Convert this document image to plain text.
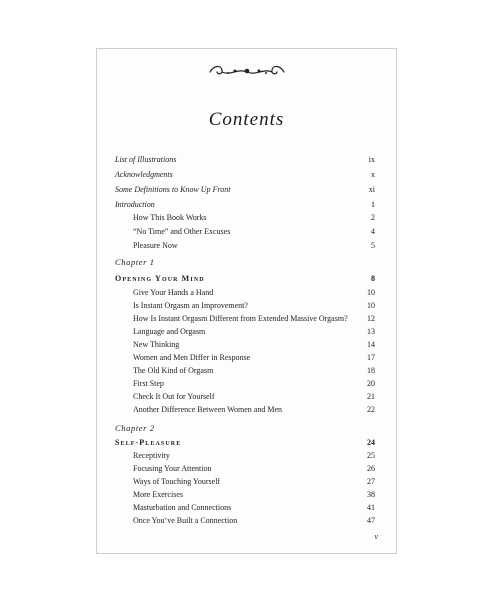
Contents
List of Illustrations	ix
Acknowledgments	x
Some Definitions to Know Up Front	xi
Introduction	1
How This Book Works	2
“No Time” and Other Excuses	4
Pleasure Now	5
Chapter 1
Opening Your Mind	8
Give Your Hands a Hand	10
Is Instant Orgasm an Improvement?	10
How Is Instant Orgasm Different from Extended Massive Orgasm? 12
Language and Orgasm	13
New Thinking	14
Women and Men Differ in Response	17
The Old Kind of Orgasm	18
First Step	20
Check It Out for Yourself	21
Another Difference Between Women and Men	22
Chapter 2
Self-Pleasure	24
Receptivity	25
Focusing Your Attention	26
Ways of Touching Yourself	27
More Exercises	38
Masturbation and Connections	41
Once You’ve Built a Connection	47
v
